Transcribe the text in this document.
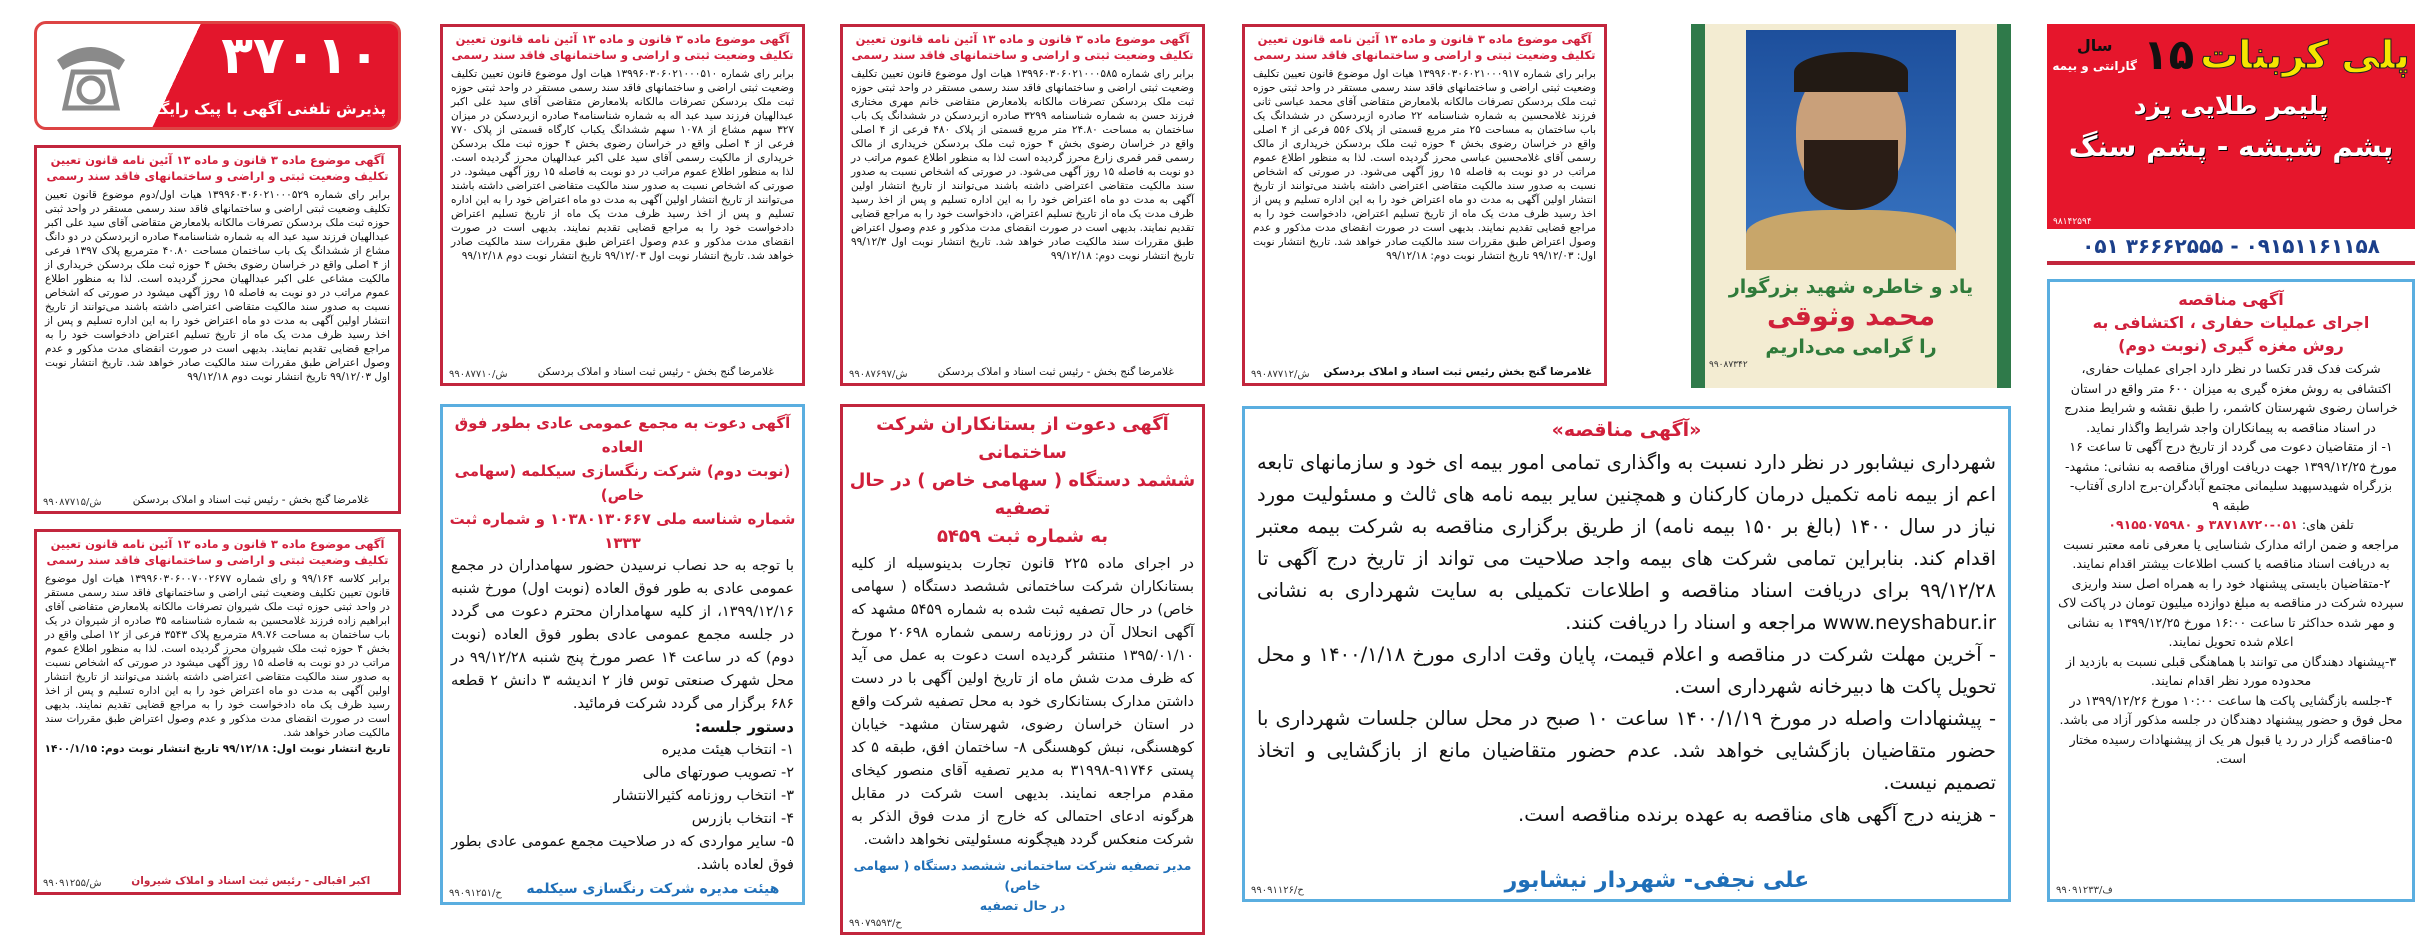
۳۷۰۱۰
پذیرش تلفنی آگهی با پیک رایگان
آگهی موضوع ماده ۳ قانون و ماده ۱۳ آئین نامه قانون تعیین تکلیف وضعیت ثبتی و اراضی و ساختمانهای فاقد سند رسمی
برابر رای شماره ۱۳۹۹۶۰۳۰۶۰۲۱۰۰۰۵۲۹ هیات اول/دوم موضوع قانون تعیین تکلیف وضعیت ثبتی اراضی و ساختمانهای فاقد سند رسمی مستقر در واحد ثبتی حوزه ثبت ملک بردسکن تصرفات مالکانه بلامعارض متقاضی آقای سید علی اکبر عبدالهیان فرزند سید عبد اله به شماره شناسنامه۴ صادره ازبردسکن در دو دانگ مشاع از ششدانگ یک باب ساختمان مساحت ۴۰.۸۰ مترمربع پلاک ۱۳۹۷ فرعی از ۴ اصلی واقع در خراسان رضوی بخش ۴ حوزه ثبت ملک بردسکن خریداری از مالکیت مشاعی علی اکبر عبدالهیان محرز گردیده است. لذا به منظور اطلاع عموم مراتب در دو نوبت به فاصله ۱۵ روز آگهی میشود در صورتی که اشخاص نسبت به صدور سند مالکیت متقاضی اعتراضی داشته باشند می‌توانند از تاریخ انتشار اولین آگهی به مدت دو ماه اعتراض خود را به این اداره تسلیم و پس از اخذ رسید ظرف مدت یک ماه از تاریخ تسلیم اعتراض دادخواست خود را به مراجع قضایی تقدیم نمایند. بدیهی است در صورت انقضای مدت مذکور و عدم وصول اعتراض طبق مقررات سند مالکیت صادر خواهد شد. تاریخ انتشار نوبت اول ۹۹/۱۲/۰۳ تاریخ انتشار نوبت دوم ۹۹/۱۲/۱۸
غلامرضا گنج بخش - رئیس ثبت اسناد و املاک بردسکن
۹۹۰۸۷۷۱۵/ش
آگهی موضوع ماده ۳ قانون و ماده ۱۳ آئین نامه قانون تعیین تکلیف وضعیت ثبتی و اراضی و ساختمانهای فاقد سند رسمی
برابر کلاسه ۹۹/۱۶۴ و رای شماره ۱۳۹۹۶۰۳۰۶۰۰۷۰۰۲۶۷۷ هیات اول موضوع قانون تعیین تکلیف وضعیت ثبتی اراضی و ساختمانهای فاقد سند رسمی مستقر در واحد ثبتی حوزه ثبت ملک شیروان تصرفات مالکانه بلامعارض متقاضی آقای ابراهیم زاده فرزند غلامحسین به شماره شناسنامه ۳۵ صادره از شیروان در یک باب ساختمان به مساحت ۸۹.۷۶ مترمربع پلاک ۳۵۴۳ فرعی از ۱۲ اصلی واقع در بخش ۴ حوزه ثبت ملک شیروان محرز گردیده است. لذا به منظور اطلاع عموم مراتب در دو نوبت به فاصله ۱۵ روز آگهی میشود در صورتی که اشخاص نسبت به صدور سند مالکیت متقاضی اعتراضی داشته باشند می‌توانند از تاریخ انتشار اولین آگهی به مدت دو ماه اعتراض خود را به این اداره تسلیم و پس از اخذ رسید ظرف یک ماه دادخواست خود را به مراجع قضایی تقدیم نمایند. بدیهی است در صورت انقضای مدت مذکور و عدم وصول اعتراض طبق مقررات سند مالکیت صادر خواهد شد.
تاریخ انتشار نوبت اول: ۹۹/۱۲/۱۸ تاریخ انتشار نوبت دوم: ۱۴۰۰/۱/۱۵
اکبر اقبالی - رئیس ثبت اسناد و املاک شیروان
۹۹۰۹۱۲۵۵/ش
آگهی موضوع ماده ۳ قانون و ماده ۱۳ آئین نامه قانون تعیین تکلیف وضعیت ثبتی و اراضی و ساختمانهای فاقد سند رسمی
برابر رای شماره ۱۳۹۹۶۰۳۰۶۰۲۱۰۰۰۵۱۰ هیات اول موضوع قانون تعیین تکلیف وضعیت ثبتی اراضی و ساختمانهای فاقد سند رسمی مستقر در واحد ثبتی حوزه ثبت ملک بردسکن تصرفات مالکانه بلامعارض متقاضی آقای سید علی اکبر عبدالهیان فرزند سید عبد اله به شماره شناسنامه۴ صادره ازبردسکن در میزان ۳۲۷ سهم مشاع از ۱۰۷۸ سهم ششدانگ یکباب کارگاه قسمتی از پلاک ۷۷۰ فرعی از ۴ اصلی واقع در خراسان رضوی بخش ۴ حوزه ثبت ملک بردسکن خریداری از مالکیت رسمی آقای سید علی اکبر عبدالهیان محرز گردیده است. لذا به منظور اطلاع عموم مراتب در دو نوبت به فاصله ۱۵ روز آگهی میشود. در صورتی که اشخاص نسبت به صدور سند مالکیت متقاضی اعتراضی داشته باشند می‌توانند از تاریخ انتشار اولین آگهی به مدت دو ماه اعتراض خود را به این اداره تسلیم و پس از اخذ رسید ظرف مدت یک ماه از تاریخ تسلیم اعتراض دادخواست خود را به مراجع قضایی تقدیم نمایند. بدیهی است در صورت انقضای مدت مذکور و عدم وصول اعتراض طبق مقررات سند مالکیت صادر خواهد شد. تاریخ انتشار نوبت اول ۹۹/۱۲/۰۳ تاریخ انتشار نوبت دوم ۹۹/۱۲/۱۸
غلامرضا گنج بخش - رئیس ثبت اسناد و املاک بردسکن
۹۹۰۸۷۷۱۰/ش
آگهی دعوت به مجمع عمومی عادی بطور فوق العاده
(نوبت دوم) شرکت رنگسازی سیکلمه (سهامی خاص)
شماره شناسه ملی ۱۰۳۸۰۱۳۰۶۶۷ و شماره ثبت ۱۳۳۳
با توجه به حد نصاب نرسیدن حضور سهامداران در مجمع عمومی عادی به طور فوق العاده (نوبت اول) مورخ شنبه ۱۳۹۹/۱۲/۱۶، از کلیه سهامداران محترم دعوت می گردد در جلسه مجمع عمومی عادی بطور فوق العاده (نوبت دوم) که در ساعت ۱۴ عصر مورخ پنج شنبه ۹۹/۱۲/۲۸ در محل شهرک صنعتی توس فاز ۲ اندیشه ۳ دانش ۲ قطعه ۶۸۶ برگزار می گردد شرکت فرمائید.
دستور جلسه:
۱- انتخاب هیئت مدیره
۲- تصویب صورتهای مالی
۳- انتخاب روزنامه کثیرالانتشار
۴- انتخاب بازرس
۵- سایر مواردی که در صلاحیت مجمع عمومی عادی بطور فوق لعاده باشد.
هیئت مدیره شرکت رنگسازی سیکلمه
۹۹۰۹۱۲۵۱/ح
آگهی موضوع ماده ۳ قانون و ماده ۱۳ آئین نامه قانون تعیین تکلیف وضعیت ثبتی و اراضی و ساختمانهای فاقد سند رسمی
برابر رای شماره ۱۳۹۹۶۰۳۰۶۰۲۱۰۰۰۵۸۵ هیات اول موضوع قانون تعیین تکلیف وضعیت ثبتی اراضی و ساختمانهای فاقد سند رسمی مستقر در واحد ثبتی حوزه ثبت ملک بردسکن تصرفات مالکانه بلامعارض متقاضی خانم مهری مختاری فرزند حسن به شماره شناسنامه ۳۲۹۹ صادره ازبردسکن در ششدانگ یک باب ساختمان به مساحت ۲۴.۸۰ متر مربع قسمتی از پلاک ۴۸۰ فرعی از ۴ اصلی واقع در خراسان رضوی بخش ۴ حوزه ثبت ملک بردسکن خریداری از مالک رسمی قمر قمری زارع محرز گردیده است لذا به منظور اطلاع عموم مراتب در دو نوبت به فاصله ۱۵ روز آگهی می‌شود. در صورتی که اشخاص نسبت به صدور سند مالکیت متقاضی اعتراضی داشته باشند می‌توانند از تاریخ انتشار اولین آگهی به مدت دو ماه اعتراض خود را به این اداره تسلیم و پس از اخذ رسید ظرف مدت یک ماه از تاریخ تسلیم اعتراض، دادخواست خود را به مراجع قضایی تقدیم نمایند. بدیهی است در صورت انقضای مدت مذکور و عدم وصول اعتراض طبق مقررات سند مالکیت صادر خواهد شد. تاریخ انتشار نوبت اول ۹۹/۱۲/۳ تاریخ انتشار نوبت دوم: ۹۹/۱۲/۱۸
غلامرضا گنج بخش - رئیس ثبت اسناد و املاک بردسکن
۹۹۰۸۷۶۹۷/ش
آگهی دعوت از بستانکاران شرکت ساختمانی
ششمد دستگاه ( سهامی خاص ) در حال تصفیه
به شماره ثبت ۵۴۵۹
در اجرای ماده ۲۲۵ قانون تجارت بدینوسیله از کلیه بستانکاران شرکت ساختمانی ششصد دستگاه ( سهامی خاص) در حال تصفیه ثبت شده به شماره ۵۴۵۹ مشهد که آگهی انحلال آن در روزنامه رسمی شماره ۲۰۶۹۸ مورخ ۱۳۹۵/۰۱/۱۰ منتشر گردیده است دعوت به عمل می آید که ظرف مدت شش ماه از تاریخ اولین آگهی با در دست داشتن مدارک بستانکاری خود به محل تصفیه شرکت واقع در استان خراسان رضوی، شهرستان مشهد- خیابان کوهسنگی، نبش کوهسنگی ۸- ساختمان افق، طبقه ۵ کد پستی ۹۱۷۴۶-۳۱۹۹۸ به مدیر تصفیه آقای منصور کیخای مقدم مراجعه نمایند. بدیهی است شرکت در مقابل هرگونه ادعای احتمالی که خارج از مدت فوق الذکر به شرکت منعکس گردد هیچگونه مسئولیتی نخواهد داشت.
مدیر تصفیه شرکت ساختمانی ششصد دستگاه ( سهامی خاص)
در حال تصفیه
۹۹۰۷۹۵۹۳/ح
یاد و خاطره شهید بزرگوار
محمد وثوقی
را گرامی می‌داریم
۹۹۰۸۷۳۴۲
آگهی موضوع ماده ۳ قانون و ماده ۱۳ آئین نامه قانون تعیین تکلیف وضعیت ثبتی و اراضی و ساختمانهای فاقد سند رسمی
برابر رای شماره ۱۳۹۹۶۰۳۰۶۰۲۱۰۰۰۹۱۷ هیات اول موضوع قانون تعیین تکلیف وضعیت ثبتی اراضی و ساختمانهای فاقد سند رسمی مستقر در واحد ثبتی حوزه ثبت ملک بردسکن تصرفات مالکانه بلامعارض متقاضی آقای محمد عباسی ثانی فرزند غلامحسین به شماره شناسنامه ۲۲ صادره ازبردسکن در ششدانگ یک باب ساختمان به مساحت ۲۵ متر مربع قسمتی از پلاک ۵۵۶ فرعی از ۴ اصلی واقع در خراسان رضوی بخش ۴ حوزه ثبت ملک بردسکن خریداری از مالک رسمی آقای غلامحسین عباسی محرز گردیده است. لذا به منظور اطلاع عموم مراتب در دو نوبت به فاصله ۱۵ روز آگهی می‌شود. در صورتی که اشخاص نسبت به صدور سند مالکیت متقاضی اعتراضی داشته باشند می‌توانند از تاریخ انتشار اولین آگهی به مدت دو ماه اعتراض خود را به این اداره تسلیم و پس از اخذ رسید ظرف مدت یک ماه از تاریخ تسلیم اعتراض، دادخواست خود را به مراجع قضایی تقدیم نمایند. بدیهی است در صورت انقضای مدت مذکور و عدم وصول اعتراض طبق مقررات سند مالکیت صادر خواهد شد. تاریخ انتشار نوبت اول: ۹۹/۱۲/۰۳ تاریخ انتشار نوبت دوم: ۹۹/۱۲/۱۸
غلامرضا گنج بخش رئیس ثبت اسناد و املاک بردسکن
۹۹۰۸۷۷۱۲/ش
«آگهی مناقصه»
شهرداری نیشابور در نظر دارد نسبت به واگذاری تمامی امور بیمه ای خود و سازمانهای تابعه اعم از بیمه نامه تکمیل درمان کارکنان و همچنین سایر بیمه نامه های ثالث و مسئولیت مورد نیاز در سال ۱۴۰۰ (بالغ بر ۱۵۰ بیمه نامه) از طریق برگزاری مناقصه به شرکت بیمه معتبر اقدام کند. بنابراین تمامی شرکت های بیمه واجد صلاحیت می تواند از تاریخ درج آگهی تا ۹۹/۱۲/۲۸ برای دریافت اسناد مناقصه و اطلاعات تکمیلی به سایت شهرداری به نشانی www.neyshabur.ir مراجعه و اسناد را دریافت کنند.
- آخرین مهلت شرکت در مناقصه و اعلام قیمت، پایان وقت اداری مورخ ۱۴۰۰/۱/۱۸ و محل تحویل پاکت ها دبیرخانه شهرداری است.
- پیشنهادات واصله در مورخ ۱۴۰۰/۱/۱۹ ساعت ۱۰ صبح در محل سالن جلسات شهرداری با حضور متقاضیان بازگشایی خواهد شد. عدم حضور متقاضیان مانع از بازگشایی و اتخاذ تصمیم نیست.
- هزینه درج آگهی های مناقصه به عهده برنده مناقصه است.
علی نجفی- شهردار نیشابور
۹۹۰۹۱۱۲۶/ح
پلی کربنات
۱۵
سال
گارانتی و بیمه
پلیمر طلایی یزد
پشم شیشه - پشم سنگ
۹۸۱۴۲۵۹۴
۰۵۱ ۳۶۶۶۲۵۵۵ - ۰۹۱۵۱۱۶۱۱۵۸
آگهی مناقصه
اجرای عملیات حفاری ، اکتشافی به روش مغزه گیری (نوبت دوم)
شرکت فدک قدر تکسا در نظر دارد اجرای عملیات حفاری، اکتشافی به روش مغزه گیری به میزان ۶۰۰ متر واقع در استان خراسان رضوی شهرستان کاشمر، را طبق نقشه و شرایط مندرج در اسناد مناقصه به پیمانکاران واجد شرایط واگذار نماید.
۱- از متقاضیان دعوت می گردد از تاریخ درج آگهی تا ساعت ۱۶ مورخ ۱۳۹۹/۱۲/۲۵ جهت دریافت اوراق مناقصه به نشانی: مشهد-بزرگراه شهیدسپهبد سلیمانی مجتمع آبادگران-برج اداری آفتاب-طبقه ۹
تلفن های: ۰۵۱-۳۸۷۱۸۷۲۰ و ۰۹۱۵۵۰۷۵۹۸۰
مراجعه و ضمن ارائه مدارک شناسایی یا معرفی نامه معتبر نسبت به دریافت اسناد مناقصه یا کسب اطلاعات بیشتر اقدام نمایند.
۲-متقاضیان بایستی پیشنهاد خود را به همراه اصل سند واریزی سپرده شرکت در مناقصه به مبلغ دوازده میلیون تومان در پاکت لاک و مهر شده حداکثر تا ساعت ۱۶:۰۰ مورخ ۱۳۹۹/۱۲/۲۵ به نشانی اعلام شده تحویل نمایند.
۳-پیشنهاد دهندگان می توانند با هماهنگی قبلی نسبت به بازدید از محدوده مورد نظر اقدام نمایند.
۴-جلسه بازگشایی پاکت ها ساعت ۱۰:۰۰ مورخ ۱۳۹۹/۱۲/۲۶ در محل فوق و حضور پیشنهاد دهندگان در جلسه مذکور آزاد می باشد.
۵-مناقصه گزار در رد یا قبول هر یک از پیشنهادات رسیده مختار است.
۹۹۰۹۱۲۳۳/ف
